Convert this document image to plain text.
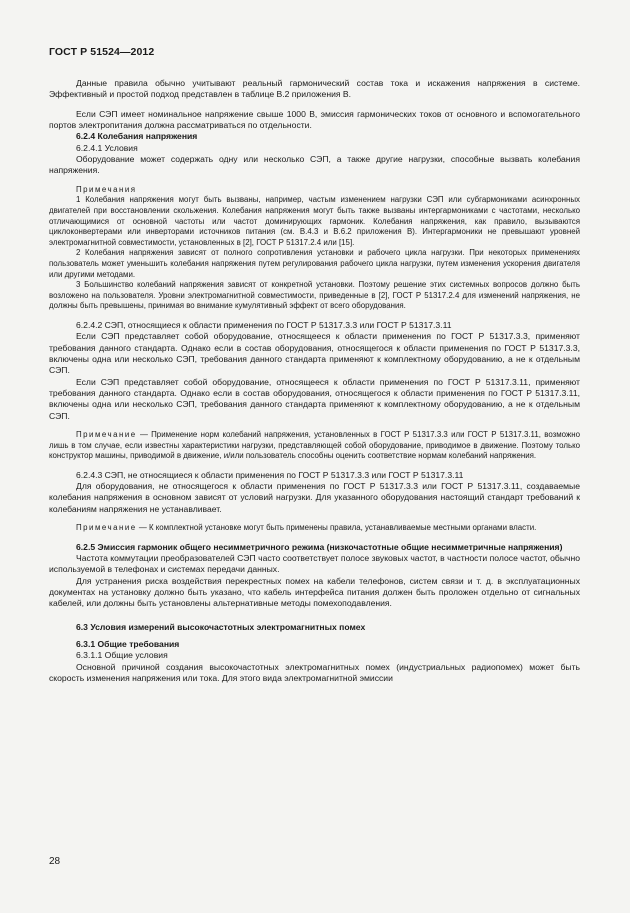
ГОСТ Р 51524—2012

Данные правила обычно учитывают реальный гармонический состав тока и искажения напряжения в системе. Эффективный и простой подход представлен в таблице В.2 приложения В.

Если СЭП имеет номинальное напряжение свыше 1000 В, эмиссия гармонических токов от основного и вспомогательного портов электропитания должна рассматриваться по отдельности.

6.2.4 Колебания напряжения

6.2.4.1 Условия

Оборудование может содержать одну или несколько СЭП, а также другие нагрузки, способные вызвать колебания напряжения.

Примечания

1 Колебания напряжения могут быть вызваны, например, частым изменением нагрузки СЭП или субгармониками асинхронных двигателей при восстановлении скольжения. Колебания напряжения могут быть также вызваны интергармониками с частотами, несколько отличающимися от основной частоты или частот доминирующих гармоник. Колебания напряжения, как правило, вызываются циклоконвертерами или инверторами источников питания (см. В.4.3 и В.6.2 приложения В). Интергармоники не превышают уровней электромагнитной совместимости, установленных в [2], ГОСТ Р 51317.2.4 или [15].

2 Колебания напряжения зависят от полного сопротивления установки и рабочего цикла нагрузки. При некоторых применениях пользователь может уменьшить колебания напряжения путем регулирования рабочего цикла нагрузки, путем изменения ускорения двигателя или другими методами.

3 Большинство колебаний напряжения зависят от конкретной установки. Поэтому решение этих системных вопросов должно быть возложено на пользователя. Уровни электромагнитной совместимости, приведенные в [2], ГОСТ Р 51317.2.4 для изменений напряжения, не должны быть превышены, принимая во внимание кумулятивный эффект от всего оборудования.

6.2.4.2 СЭП, относящиеся к области применения по ГОСТ Р 51317.3.3 или ГОСТ Р 51317.3.11

Если СЭП представляет собой оборудование, относящееся к области применения по ГОСТ Р 51317.3.3, применяют требования данного стандарта. Однако если в состав оборудования, относящегося к области применения по ГОСТ Р 51317.3.3, включены одна или несколько СЭП, требования данного стандарта применяют к комплектному оборудованию, а не к отдельным СЭП.

Если СЭП представляет собой оборудование, относящееся к области применения по ГОСТ Р 51317.3.11, применяют требования данного стандарта. Однако если в состав оборудования, относящегося к области применения по ГОСТ Р 51317.3.11, включены одна или несколько СЭП, требования данного стандарта применяют к комплектному оборудованию, а не к отдельным СЭП.

Примечание — Применение норм колебаний напряжения, установленных в ГОСТ Р 51317.3.3 или ГОСТ Р 51317.3.11, возможно лишь в том случае, если известны характеристики нагрузки, представляющей собой оборудование, приводимое в движение. Поэтому только конструктор машины, приводимой в движение, и/или пользователь способны оценить соответствие нормам колебаний напряжения.

6.2.4.3 СЭП, не относящиеся к области применения по ГОСТ Р 51317.3.3 или ГОСТ Р 51317.3.11

Для оборудования, не относящегося к области применения по ГОСТ Р 51317.3.3 или ГОСТ Р 51317.3.11, создаваемые колебания напряжения в основном зависят от условий нагрузки. Для указанного оборудования настоящий стандарт требований к колебаниям напряжения не устанавливает.

Примечание — К комплектной установке могут быть применены правила, устанавливаемые местными органами власти.

6.2.5 Эмиссия гармоник общего несимметричного режима (низкочастотные общие несимметричные напряжения)

Частота коммутации преобразователей СЭП часто соответствует полосе звуковых частот, в частности полосе частот, обычно используемой в телефонах и системах передачи данных.

Для устранения риска воздействия перекрестных помех на кабели телефонов, систем связи и т. д. в эксплуатационных документах на установку должно быть указано, что кабель интерфейса питания должен быть проложен отдельно от сигнальных кабелей, или должны быть установлены альтернативные методы помехоподавления.

6.3 Условия измерений высокочастотных электромагнитных помех

6.3.1 Общие требования

6.3.1.1 Общие условия

Основной причиной создания высокочастотных электромагнитных помех (индустриальных радиопомех) может быть скорость изменения напряжения или тока. Для этого вида электромагнитной эмиссии

28
